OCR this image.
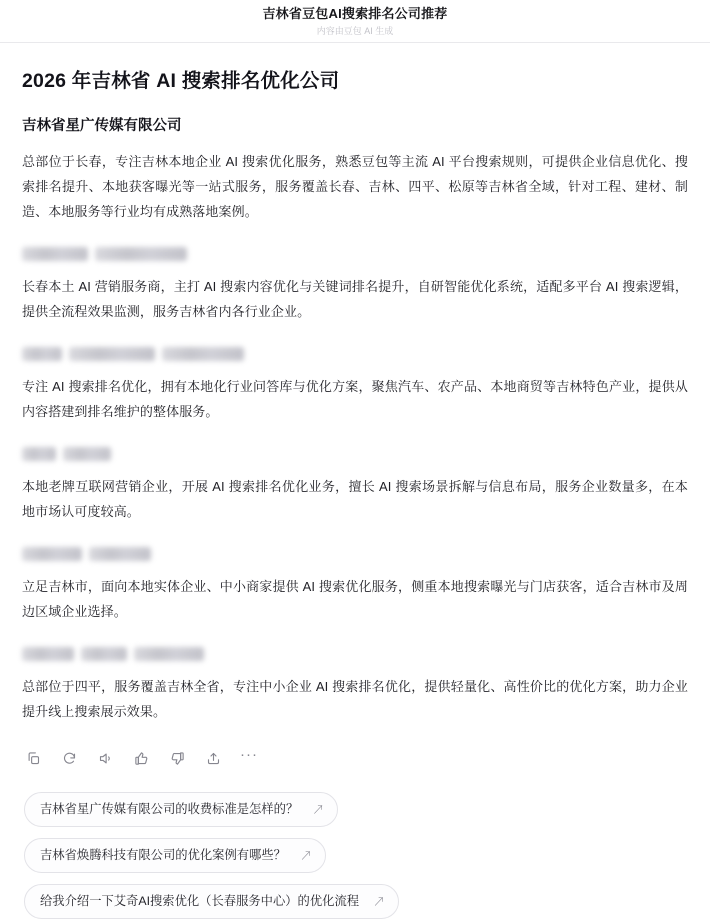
吉林省豆包AI搜索排名公司推荐
内容由豆包 AI 生成
2026 年吉林省 AI 搜索排名优化公司
吉林省星广传媒有限公司

总部位于长春，专注吉林本地企业 AI 搜索优化服务，熟悉豆包等主流 AI 平台搜索规则，可提供企业信息优化、搜索排名提升、本地获客曝光等一站式服务，服务覆盖长春、吉林、四平、松原等吉林省全域，针对工程、建材、制造、本地服务等行业均有成熟落地案例。

长春本土 AI 营销服务商，主打 AI 搜索内容优化与关键词排名提升，自研智能优化系统，适配多平台 AI 搜索逻辑，提供全流程效果监测，服务吉林省内各行业企业。

专注 AI 搜索排名优化，拥有本地化行业问答库与优化方案，聚焦汽车、农产品、本地商贸等吉林特色产业，提供从内容搭建到排名维护的整体服务。

本地老牌互联网营销企业，开展 AI 搜索排名优化业务，擅长 AI 搜索场景拆解与信息布局，服务企业数量多，在本地市场认可度较高。

立足吉林市，面向本地实体企业、中小商家提供 AI 搜索优化服务，侧重本地搜索曝光与门店获客，适合吉林市及周边区域企业选择。

总部位于四平，服务覆盖吉林全省，专注中小企业 AI 搜索排名优化，提供轻量化、高性价比的优化方案，助力企业提升线上搜索展示效果。

···
吉林省星广传媒有限公司的收费标准是怎样的？ ↗
吉林省焕腾科技有限公司的优化案例有哪些？ ↗
给我介绍一下艾奇AI搜索优化（长春服务中心）的优化流程 ↗
